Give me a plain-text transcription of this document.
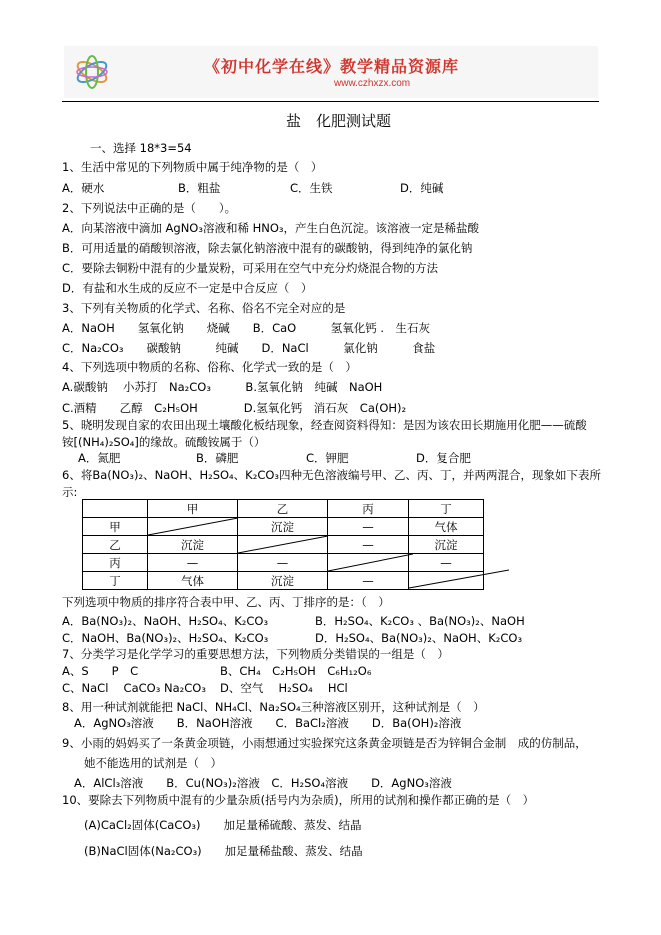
《初中化学在线》教学精品资源库
www.czhxzx.com
盐　化肥测试题
一、选择 18*3=54
1、生活中常见的下列物质中属于纯净物的是（　）
A．硬水	B．粗盐	C．生铁	D．纯碱
2、下列说法中正确的是（　　）。
A．向某溶液中滴加 AgNO₃溶液和稀 HNO₃，产生白色沉淀。该溶液一定是稀盐酸
B．可用适量的硝酸钡溶液，除去氯化钠溶液中混有的碳酸钠，得到纯净的氯化钠
C．要除去铜粉中混有的少量炭粉，可采用在空气中充分灼烧混合物的方法
D．有盐和水生成的反应不一定是中合反应（　）
3、下列有关物质的化学式、名称、俗名不完全对应的是
A．NaOH　　氢氧化钠　　烧碱　　B．CaO　　　氢氧化钙 .　生石灰
C．Na₂CO₃　　碳酸钠　　　纯碱　　D．NaCl　　　氯化钠　　　食盐
4、下列选项中物质的名称、俗称、化学式一致的是（　）
A.碳酸钠　 小苏打　Na₂CO₃　　　B.氢氧化钠　纯碱　NaOH
C.酒精　　乙醇　C₂H₅OH　　　　D.氢氧化钙　消石灰　Ca(OH)₂
5、晓明发现自家的农田出现土壤酸化板结现象，经查阅资料得知：是因为该农田长期施用化肥——硫酸
铵[(NH₄)₂SO₄]的缘故。硫酸铵属于（）
A．氮肥	B．磷肥	C．钾肥	D．复合肥
6、将Ba(NO₃)₂、NaOH、H₂SO₄、K₂CO₃四种无色溶液编号甲、乙、丙、丁，并两两混合，现象如下表所
示:
	甲	乙	丙	丁
甲		沉淀	—	气体
乙	沉淀		—	沉淀
丙	—	—		—
丁	气体	沉淀	—	
下列选项中物质的排序符合表中甲、乙、丙、丁排序的是：（　）
A．Ba(NO₃)₂、NaOH、H₂SO₄、K₂CO₃	B．H₂SO₄、K₂CO₃ 、Ba(NO₃)₂、NaOH
C．NaOH、Ba(NO₃)₂、H₂SO₄、K₂CO₃	D．H₂SO₄、Ba(NO₃)₂、NaOH、K₂CO₃
7、分类学习是化学学习的重要思想方法，下列物质分类错误的一组是（　）
A、S　　P　C	B、CH₄　C₂H₅OH　C₆H₁₂O₆
C、NaCl　 CaCO₃ Na₂CO₃ D、空气　 H₂SO₄　 HCl
8、用一种试剂就能把 NaCl、NH₄Cl、Na₂SO₄三种溶液区别开，这种试剂是（　）
A．AgNO₃溶液　　B．NaOH溶液　　C．BaCl₂溶液　　D．Ba(OH)₂溶液
9、小雨的妈妈买了一条黄金项链，小雨想通过实验探究这条黄金项链是否为锌铜合金制　成的仿制品，
她不能选用的试剂是（　）
A．AlCl₃溶液　　B．Cu(NO₃)₂溶液　C．H₂SO₄溶液　　D．AgNO₃溶液
10、要除去下列物质中混有的少量杂质(括号内为杂质)，所用的试剂和操作都正确的是（　）
(A)CaCl₂固体(CaCO₃)　　加足量稀硫酸、蒸发、结晶
(B)NaCl固体(Na₂CO₃)　　加足量稀盐酸、蒸发、结晶
